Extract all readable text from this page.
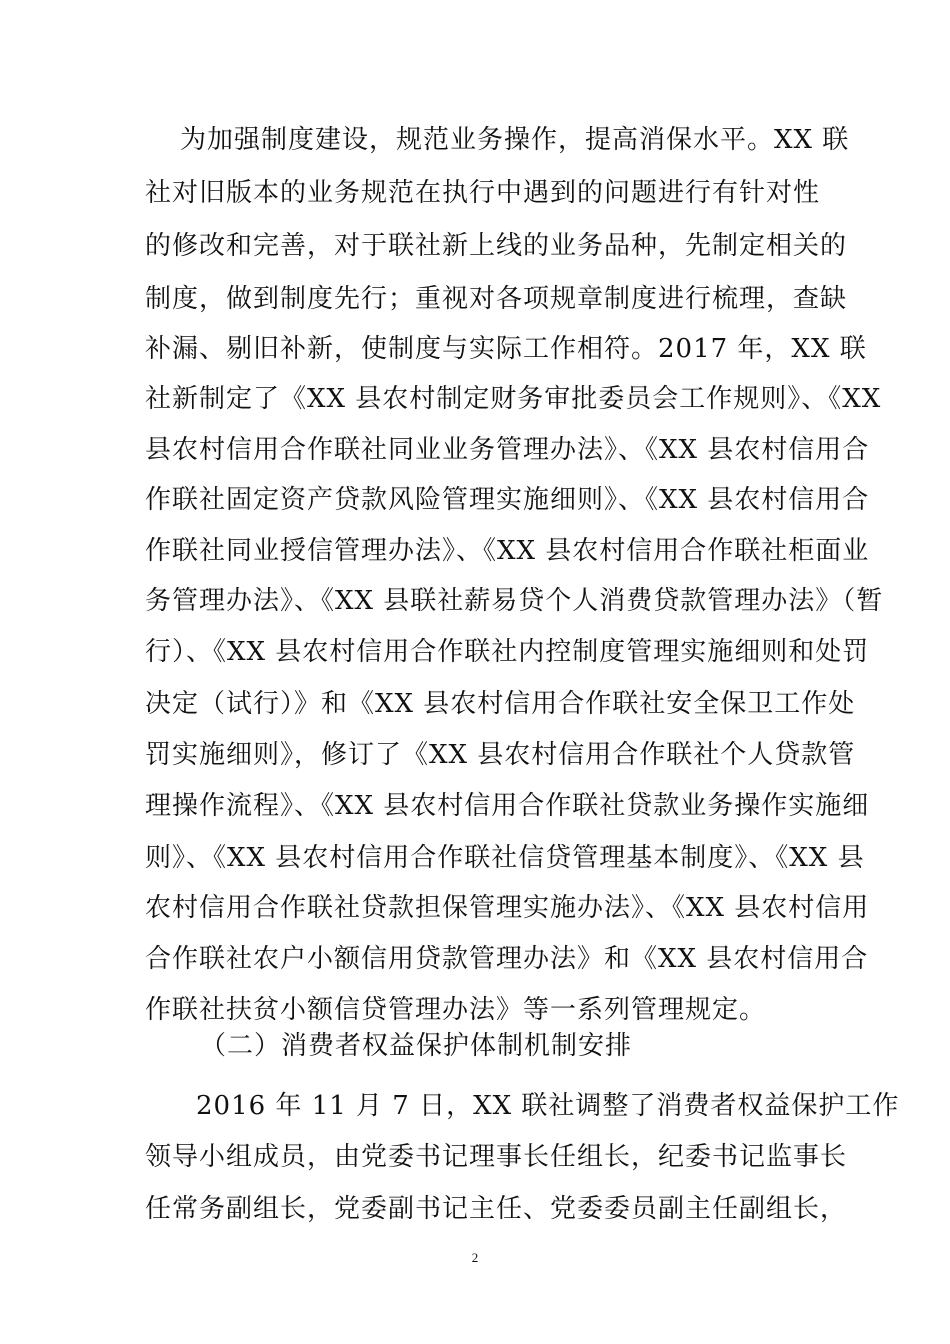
为加强制度建设，规范业务操作，提高消保水平。XX 联
社对旧版本的业务规范在执行中遇到的问题进行有针对性
的修改和完善，对于联社新上线的业务品种，先制定相关的
制度，做到制度先行；重视对各项规章制度进行梳理，查缺
补漏、剔旧补新，使制度与实际工作相符。2017 年，XX 联
社新制定了《XX 县农村制定财务审批委员会工作规则》、《XX
县农村信用合作联社同业业务管理办法》、《XX 县农村信用合
作联社固定资产贷款风险管理实施细则》、《XX 县农村信用合
作联社同业授信管理办法》、《XX 县农村信用合作联社柜面业
务管理办法》、《XX 县联社薪易贷个人消费贷款管理办法》（暂
行）、《XX 县农村信用合作联社内控制度管理实施细则和处罚
决定（试行）》和《XX 县农村信用合作联社安全保卫工作处
罚实施细则》，修订了《XX 县农村信用合作联社个人贷款管
理操作流程》、《XX 县农村信用合作联社贷款业务操作实施细
则》、《XX 县农村信用合作联社信贷管理基本制度》、《XX 县
农村信用合作联社贷款担保管理实施办法》、《XX 县农村信用
合作联社农户小额信用贷款管理办法》和《XX 县农村信用合
作联社扶贫小额信贷管理办法》等一系列管理规定。
（二）消费者权益保护体制机制安排
2016 年 11 月 7 日，XX 联社调整了消费者权益保护工作
领导小组成员，由党委书记理事长任组长，纪委书记监事长
任常务副组长，党委副书记主任、党委委员副主任副组长，
2
